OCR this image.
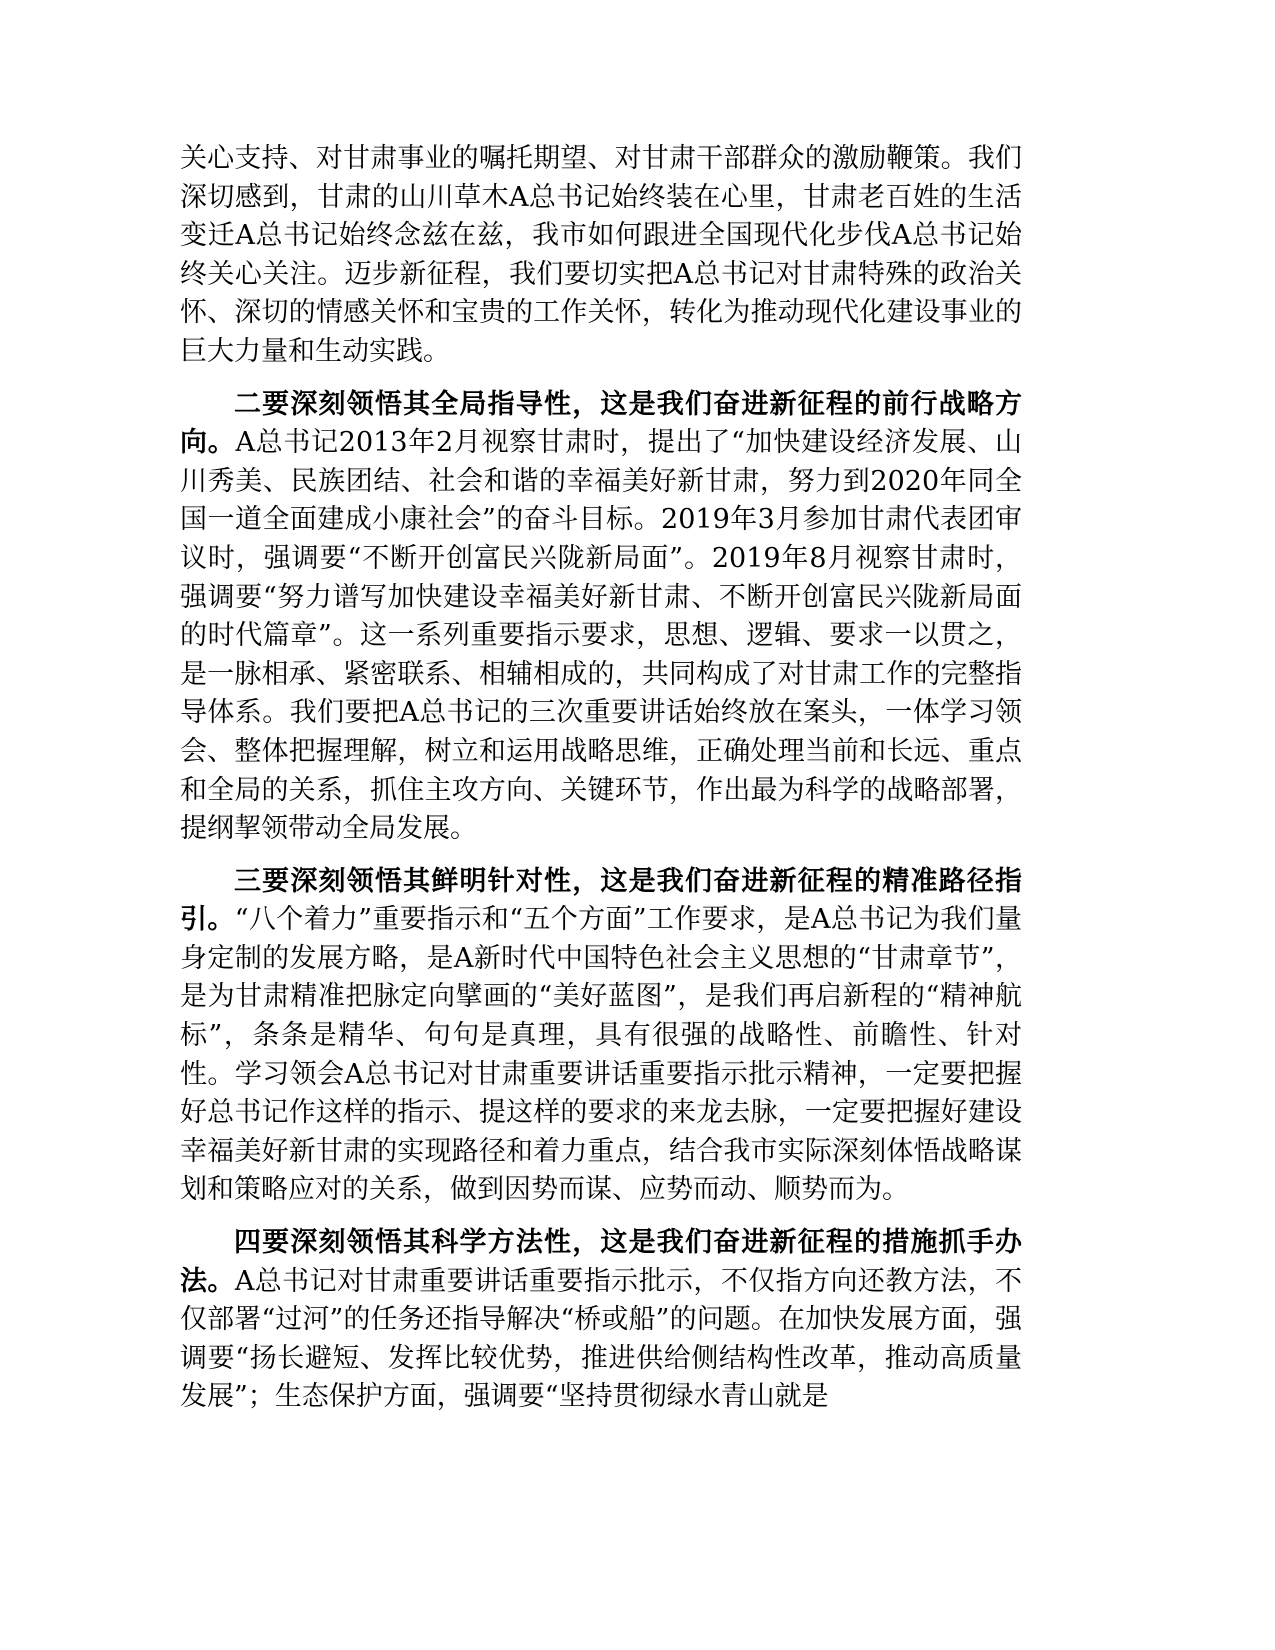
关心支持、对甘肃事业的嘱托期望、对甘肃干部群众的激励鞭策。我们深切感到，甘肃的山川草木A总书记始终装在心里，甘肃老百姓的生活变迁A总书记始终念兹在兹，我市如何跟进全国现代化步伐A总书记始终关心关注。迈步新征程，我们要切实把A总书记对甘肃特殊的政治关怀、深切的情感关怀和宝贵的工作关怀，转化为推动现代化建设事业的巨大力量和生动实践。

二要深刻领悟其全局指导性，这是我们奋进新征程的前行战略方向。A总书记2013年2月视察甘肃时，提出了“加快建设经济发展、山川秀美、民族团结、社会和谐的幸福美好新甘肃，努力到2020年同全国一道全面建成小康社会”的奋斗目标。2019年3月参加甘肃代表团审议时，强调要“不断开创富民兴陇新局面”。2019年8月视察甘肃时，强调要“努力谱写加快建设幸福美好新甘肃、不断开创富民兴陇新局面的时代篇章”。这一系列重要指示要求，思想、逻辑、要求一以贯之，是一脉相承、紧密联系、相辅相成的，共同构成了对甘肃工作的完整指导体系。我们要把A总书记的三次重要讲话始终放在案头，一体学习领会、整体把握理解，树立和运用战略思维，正确处理当前和长远、重点和全局的关系，抓住主攻方向、关键环节，作出最为科学的战略部署，提纲挈领带动全局发展。

三要深刻领悟其鲜明针对性，这是我们奋进新征程的精准路径指引。“八个着力”重要指示和“五个方面”工作要求，是A总书记为我们量身定制的发展方略，是A新时代中国特色社会主义思想的“甘肃章节”，是为甘肃精准把脉定向擘画的“美好蓝图”，是我们再启新程的“精神航标”，条条是精华、句句是真理，具有很强的战略性、前瞻性、针对性。学习领会A总书记对甘肃重要讲话重要指示批示精神，一定要把握好总书记作这样的指示、提这样的要求的来龙去脉，一定要把握好建设幸福美好新甘肃的实现路径和着力重点，结合我市实际深刻体悟战略谋划和策略应对的关系，做到因势而谋、应势而动、顺势而为。

四要深刻领悟其科学方法性，这是我们奋进新征程的措施抓手办法。A总书记对甘肃重要讲话重要指示批示，不仅指方向还教方法，不仅部署“过河”的任务还指导解决“桥或船”的问题。在加快发展方面，强调要“扬长避短、发挥比较优势，推进供给侧结构性改革，推动高质量发展”；生态保护方面，强调要“坚持贯彻绿水青山就是
